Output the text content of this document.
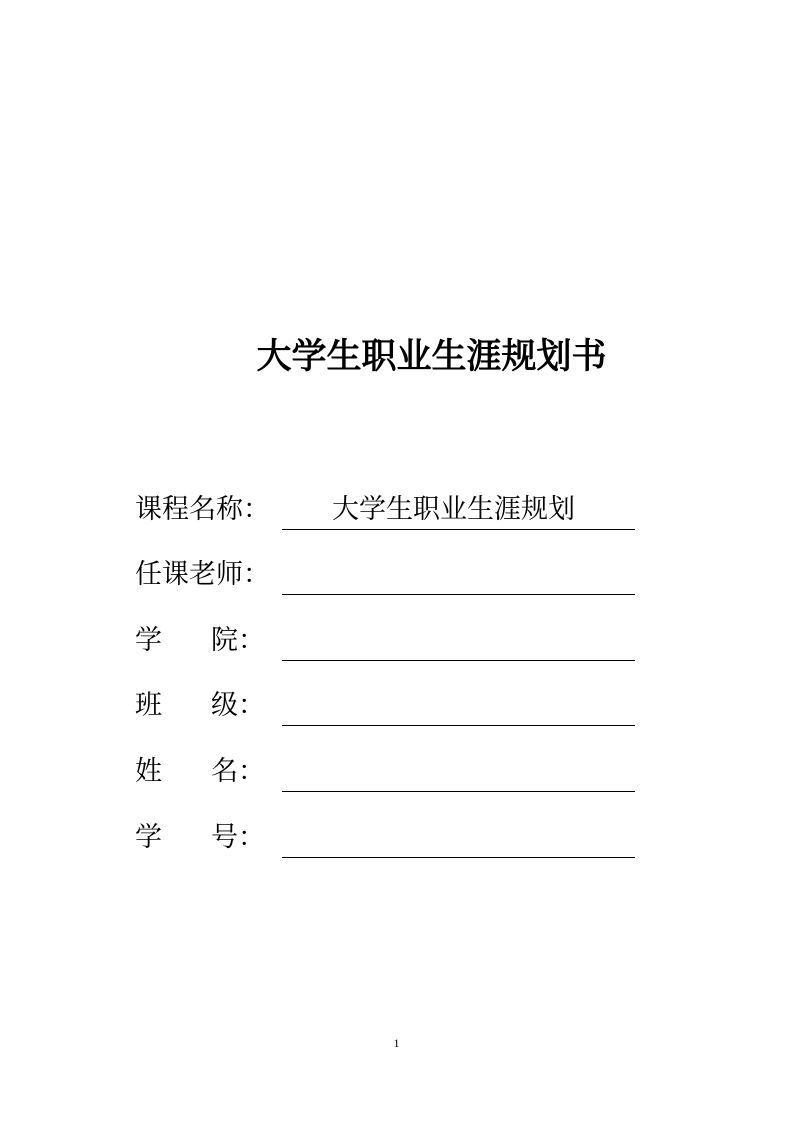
大学生职业生涯规划书
课程名称：	大学生职业生涯规划
任课老师：
学 院：
班 级：
姓 名：
学 号：
1
